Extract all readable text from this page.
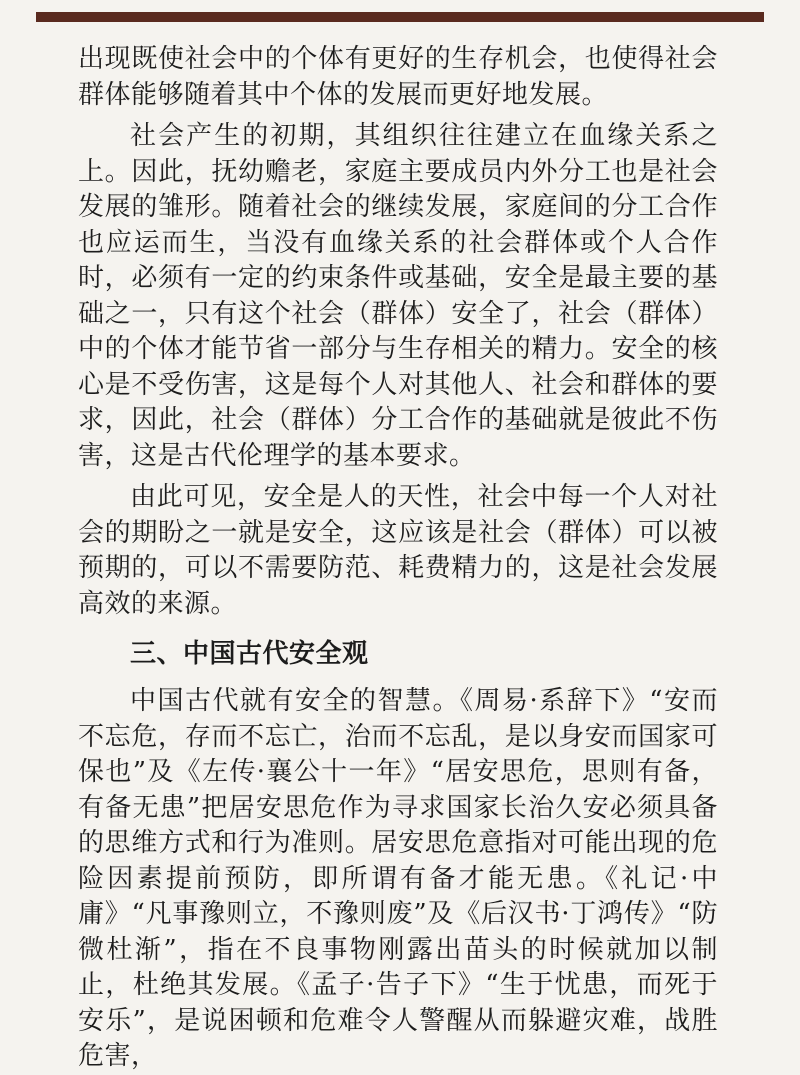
出现既使社会中的个体有更好的生存机会，也使得社会群体能够随着其中个体的发展而更好地发展。

社会产生的初期，其组织往往建立在血缘关系之上。因此，抚幼赡老，家庭主要成员内外分工也是社会发展的雏形。随着社会的继续发展，家庭间的分工合作也应运而生，当没有血缘关系的社会群体或个人合作时，必须有一定的约束条件或基础，安全是最主要的基础之一，只有这个社会（群体）安全了，社会（群体）中的个体才能节省一部分与生存相关的精力。安全的核心是不受伤害，这是每个人对其他人、社会和群体的要求，因此，社会（群体）分工合作的基础就是彼此不伤害，这是古代伦理学的基本要求。

由此可见，安全是人的天性，社会中每一个人对社会的期盼之一就是安全，这应该是社会（群体）可以被预期的，可以不需要防范、耗费精力的，这是社会发展高效的来源。

三、中国古代安全观

中国古代就有安全的智慧。《周易·系辞下》“安而不忘危，存而不忘亡，治而不忘乱，是以身安而国家可保也”及《左传·襄公十一年》“居安思危，思则有备，有备无患”把居安思危作为寻求国家长治久安必须具备的思维方式和行为准则。居安思危意指对可能出现的危险因素提前预防，即所谓有备才能无患。《礼记·中庸》“凡事豫则立，不豫则废”及《后汉书·丁鸿传》“防微杜渐”，指在不良事物刚露出苗头的时候就加以制止，杜绝其发展。《孟子·告子下》“生于忧患，而死于安乐”，是说困顿和危难令人警醒从而躲避灾难，战胜危害，
